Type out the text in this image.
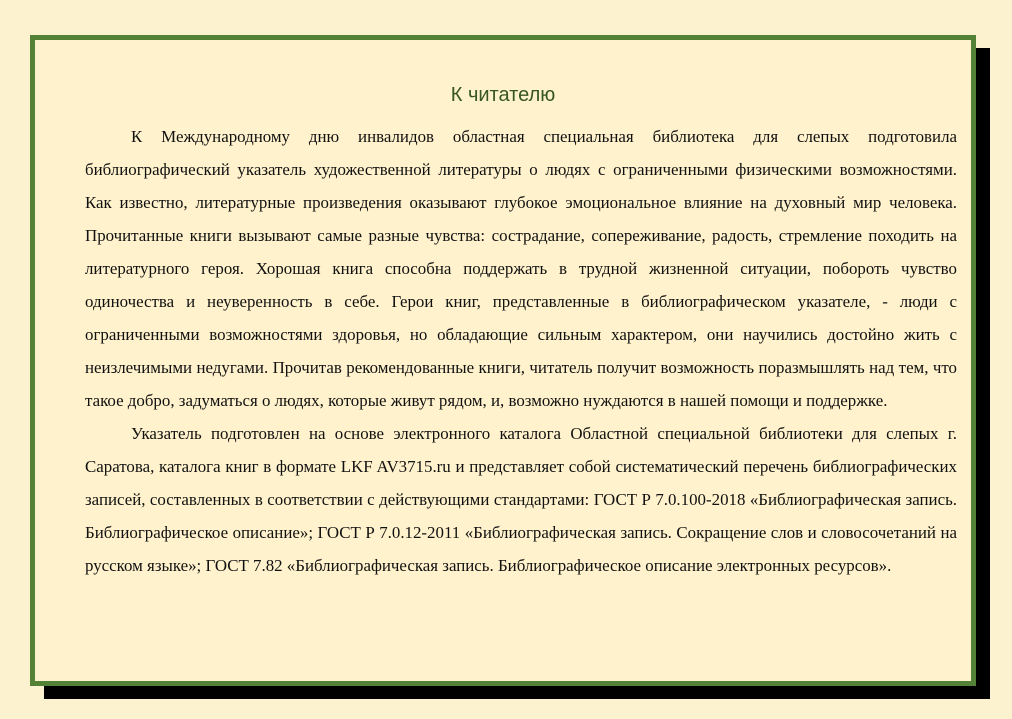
К читателю

К Международному дню инвалидов областная специальная библиотека для слепых подготовила библиографический указатель художественной литературы о людях с ограниченными физическими возможностями. Как известно, литературные произведения оказывают глубокое эмоциональное влияние на духовный мир человека. Прочитанные книги вызывают самые разные чувства: сострадание, сопереживание, радость, стремление походить на литературного героя. Хорошая книга способна поддержать в трудной жизненной ситуации, побороть чувство одиночества и неуверенность в себе. Герои книг, представленные в библиографическом указателе, - люди с ограниченными возможностями здоровья, но обладающие сильным характером, они научились достойно жить с неизлечимыми недугами. Прочитав рекомендованные книги, читатель получит возможность поразмышлять над тем, что такое добро, задуматься о людях, которые живут рядом, и, возможно нуждаются в нашей помощи и поддержке.

Указатель подготовлен на основе электронного каталога Областной специальной библиотеки для слепых г. Саратова, каталога книг в формате LKF AV3715.ru и представляет собой систематический перечень библиографических записей, составленных в соответствии с действующими стандартами: ГОСТ Р 7.0.100-2018 «Библиографическая запись. Библиографическое описание»; ГОСТ Р 7.0.12-2011 «Библиографическая запись. Сокращение слов и словосочетаний на русском языке»; ГОСТ 7.82 «Библиографическая запись. Библиографическое описание электронных ресурсов».
